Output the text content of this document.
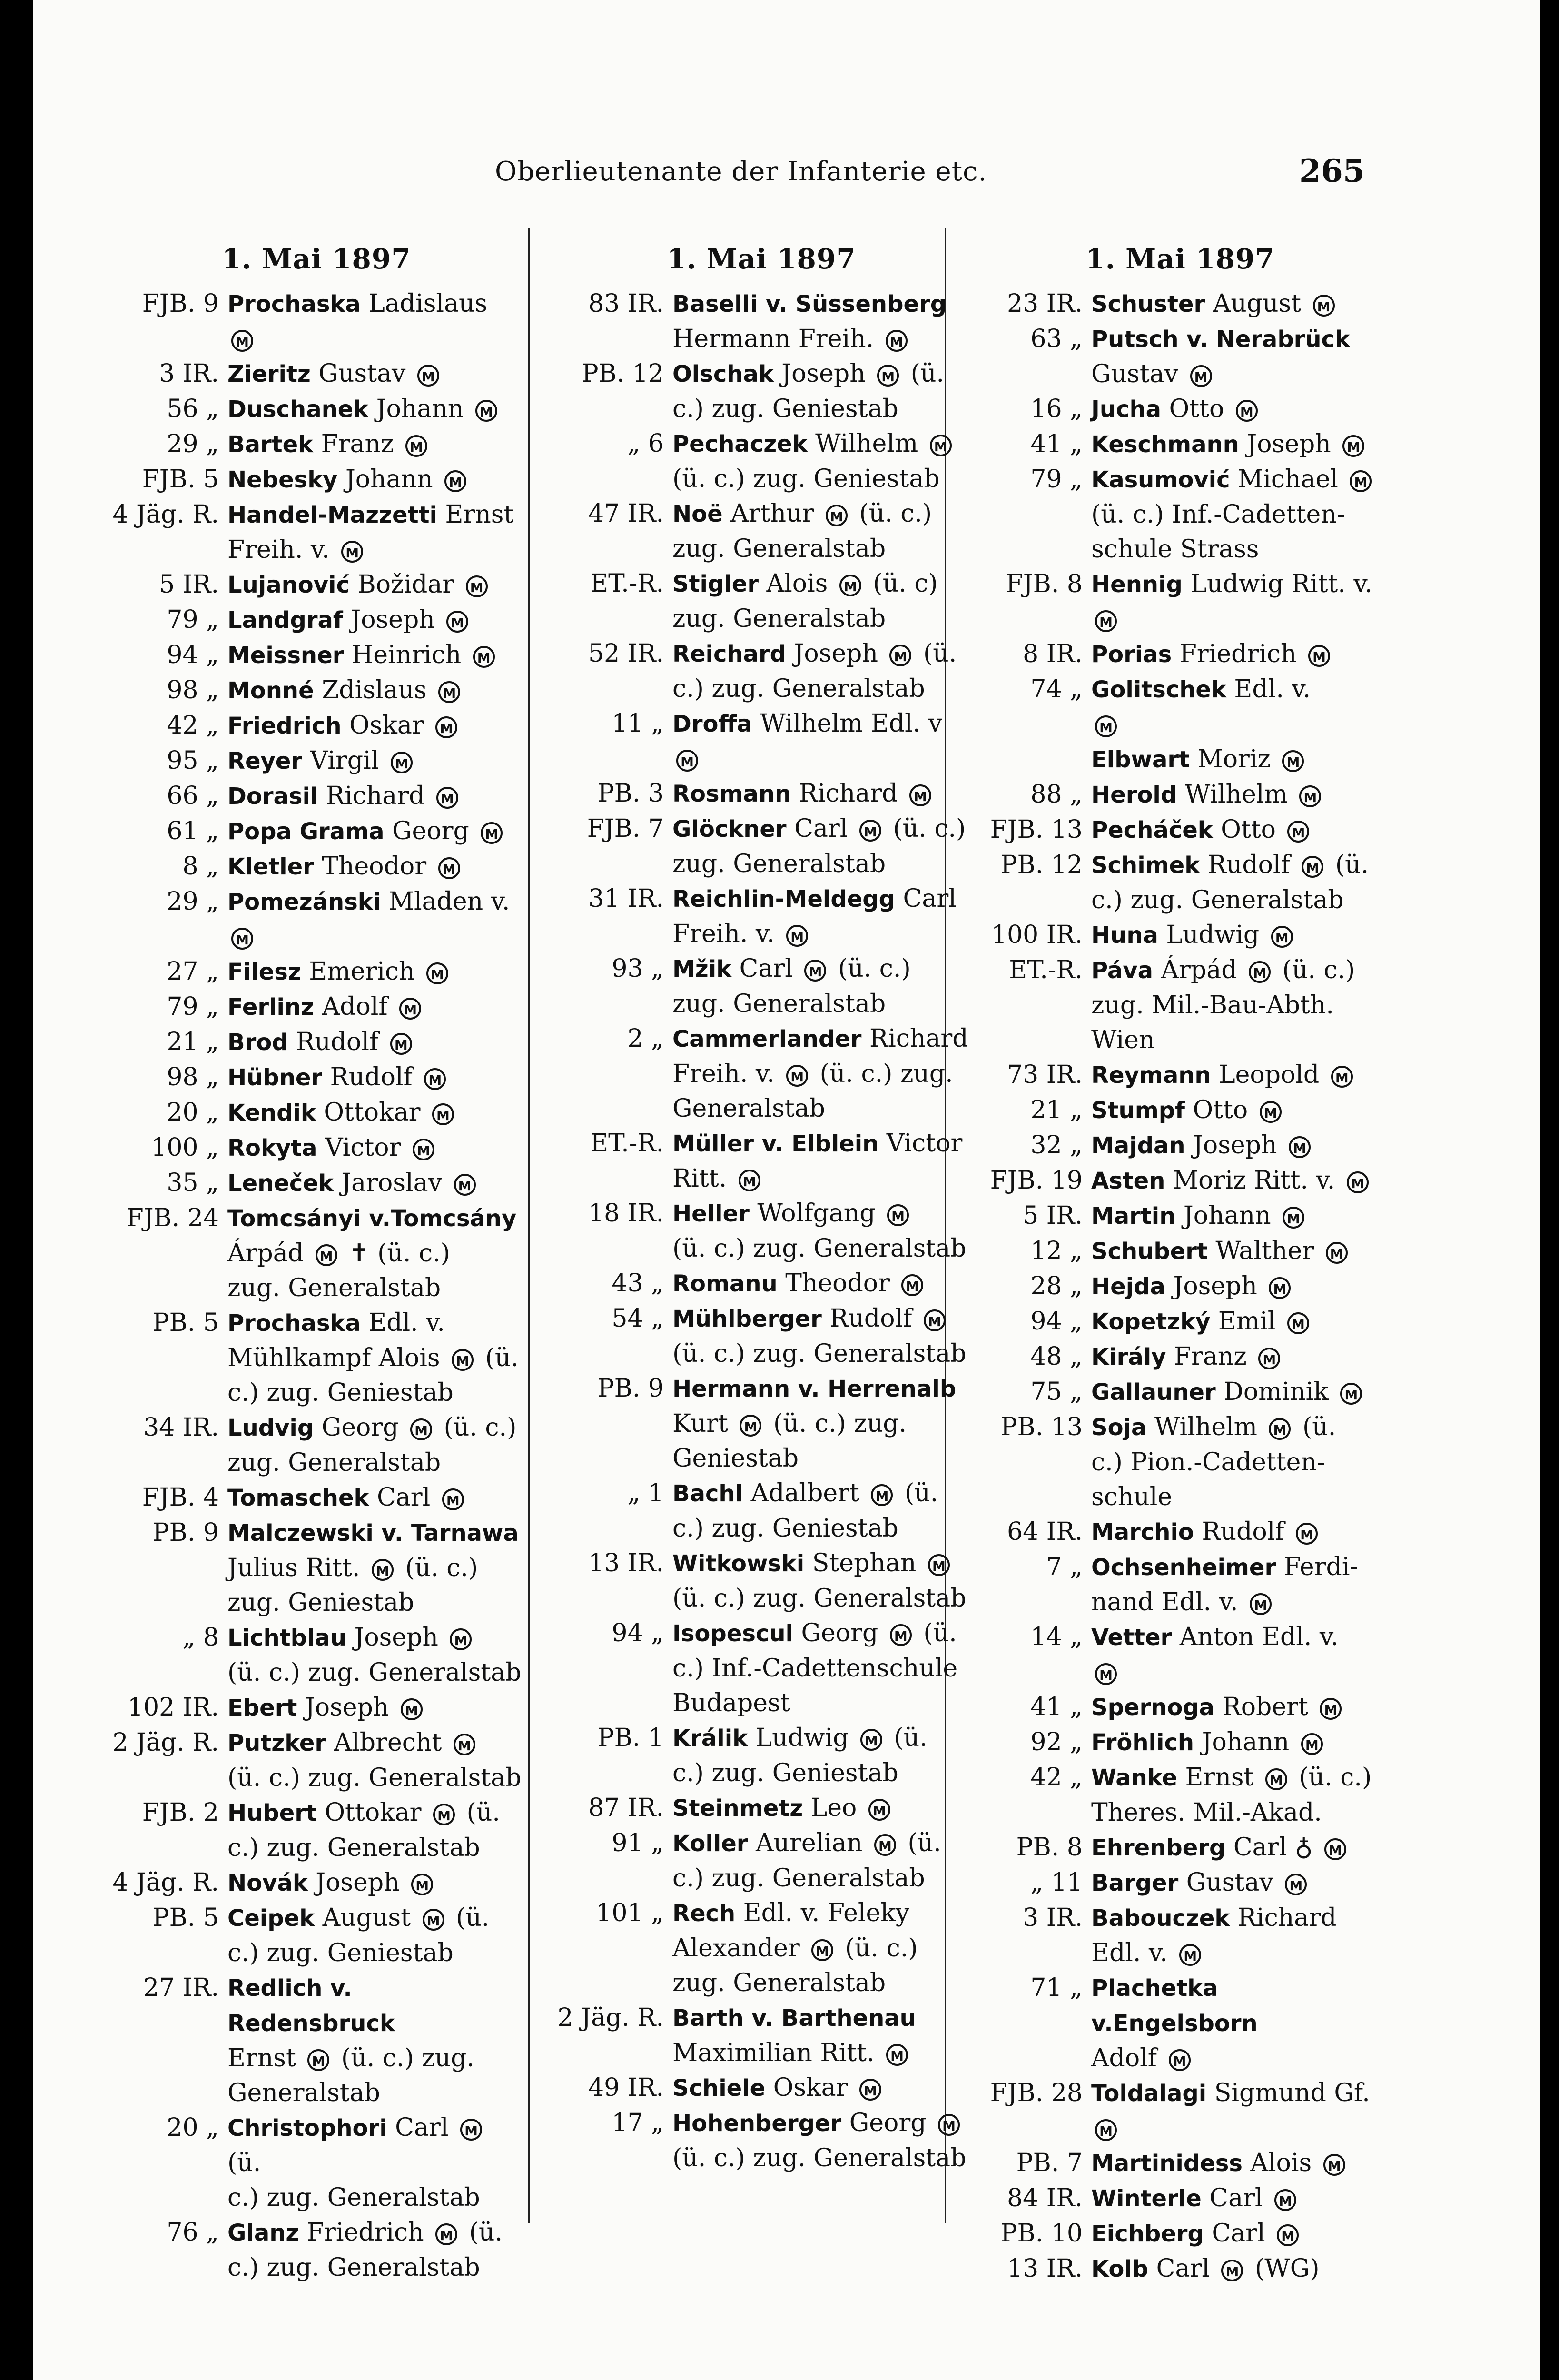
Oberlieutenante der Infanterie etc.	265
1. Mai 1897
FJB. 9 Prochaska Ladislaus
M
3 IR. Zieritz Gustav M
56 „ Duschanek Johann M
29 „ Bartek Franz M
FJB. 5 Nebesky Johann M
4 Jäg. R. Handel-Mazzetti Ernst
Freih. v. M
5 IR. Lujanović Božidar M
79 „ Landgraf Joseph M
94 „ Meissner Heinrich M
98 „ Monné Zdislaus M
42 „ Friedrich Oskar M
95 „ Reyer Virgil M
66 „ Dorasil Richard M
61 „ Popa Grama Georg M
8 „ Kletler Theodor M
29 „ Pomezánski Mladen v.
M
27 „ Filesz Emerich M
79 „ Ferlinz Adolf M
21 „ Brod Rudolf M
98 „ Hübner Rudolf M
20 „ Kendik Ottokar M
100 „ Rokyta Victor M
35 „ Lenеček Jaroslav M
FJB. 24 Tomcsányi v.Tomcsány
Árpád M ✝ (ü. c.)
zug. Generalstab
PB. 5 Prochaska Edl. v.
Mühlkampf Alois M (ü.
c.) zug. Geniestab
34 IR. Ludvig Georg M (ü. c.)
zug. Generalstab
FJB. 4 Tomaschek Carl M
PB. 9 Malczewski v. Tarnawa
Julius Ritt. M (ü. c.)
zug. Geniestab
„ 8 Lichtblau Joseph M
(ü. c.) zug. Generalstab
102 IR. Ebert Joseph M
2 Jäg. R. Putzker Albrecht M
(ü. c.) zug. Generalstab
FJB. 2 Hubert Ottokar M (ü.
c.) zug. Generalstab
4 Jäg. R. Novák Joseph M
PB. 5 Ceipek August M (ü.
c.) zug. Geniestab
27 IR. Redlich v. Redensbruck
Ernst M (ü. c.) zug.
Generalstab
20 „ Christophori Carl M (ü.
c.) zug. Generalstab
76 „ Glanz Friedrich M (ü.
c.) zug. Generalstab
1. Mai 1897
83 IR. Baselli v. Süssenberg
Hermann Freih. M
PB. 12 Olschak Joseph M (ü.
c.) zug. Geniestab
„ 6 Pechaczek Wilhelm M
(ü. c.) zug. Geniestab
47 IR. Noë Arthur M (ü. c.)
zug. Generalstab
ET.-R. Stigler Alois M (ü. c)
zug. Generalstab
52 IR. Reichard Joseph M (ü.
c.) zug. Generalstab
11 „ Droffa Wilhelm Edl. v
M
PB. 3 Rosmann Richard M
FJB. 7 Glöckner Carl M (ü. c.)
zug. Generalstab
31 IR. Reichlin-Meldegg Carl
Freih. v. M
93 „ Mžik Carl M (ü. c.)
zug. Generalstab
2 „ Cammerlander Richard
Freih. v. M (ü. c.) zug.
Generalstab
ET.-R. Müller v. Elblein Victor
Ritt. M
18 IR. Heller Wolfgang M
(ü. c.) zug. Generalstab
43 „ Romanu Theodor M
54 „ Mühlberger Rudolf M
(ü. c.) zug. Generalstab
PB. 9 Hermann v. Herrenalb
Kurt M (ü. c.) zug.
Geniestab
„ 1 Bachl Adalbert M (ü.
c.) zug. Geniestab
13 IR. Witkowski Stephan M
(ü. c.) zug. Generalstab
94 „ Isopescul Georg M (ü.
c.) Inf.-Cadettenschule
Budapest
PB. 1 Králik Ludwig M (ü.
c.) zug. Geniestab
87 IR. Steinmetz Leo M
91 „ Koller Aurelian M (ü.
c.) zug. Generalstab
101 „ Rech Edl. v. Feleky
Alexander M (ü. c.)
zug. Generalstab
2 Jäg. R. Barth v. Barthenau
Maximilian Ritt. M
49 IR. Schiele Oskar M
17 „ Hohenberger Georg M
(ü. c.) zug. Generalstab
1. Mai 1897
23 IR. Schuster August M
63 „ Putsch v. Nerabrück
Gustav M
16 „ Jucha Otto M
41 „ Keschmann Joseph M
79 „ Kasumović Michael M
(ü. c.) Inf.-Cadetten-
schule Strass
FJB. 8 Hennig Ludwig Ritt. v.
M
8 IR. Porias Friedrich M
74 „ Golitschek Edl. v.
M
Elbwart Moriz M
88 „ Herold Wilhelm M
FJB. 13 Pecháček Otto M
PB. 12 Schimek Rudolf M (ü.
c.) zug. Generalstab
100 IR. Huna Ludwig M
ET.-R. Páva Árpád M (ü. c.)
zug. Mil.-Bau-Abth.
Wien
73 IR. Reymann Leopold M
21 „ Stumpf Otto M
32 „ Majdan Joseph M
FJB. 19 Asten Moriz Ritt. v. M
5 IR. Martin Johann M
12 „ Schubert Walther M
28 „ Hejda Joseph M
94 „ Kopetzký Emil M
48 „ Király Franz M
75 „ Gallauner Dominik M
PB. 13 Soja Wilhelm M (ü.
c.) Pion.-Cadetten-
schule
64 IR. Marchio Rudolf M
7 „ Ochsenheimer Ferdi-
nand Edl. v. M
14 „ Vetter Anton Edl. v.
M
41 „ Spernoga Robert M
92 „ Fröhlich Johann M
42 „ Wanke Ernst M (ü. c.)
Theres. Mil.-Akad.
PB. 8 Ehrenberg Carl ♁ M
„ 11 Barger Gustav M
3 IR. Babouczek Richard
Edl. v. M
71 „ Plachetka v.Engelsborn
Adolf M
FJB. 28 Toldalagi Sigmund Gf.
M
PB. 7 Martinidess Alois M
84 IR. Winterle Carl M
PB. 10 Eichberg Carl M
13 IR. Kolb Carl M (WG)
